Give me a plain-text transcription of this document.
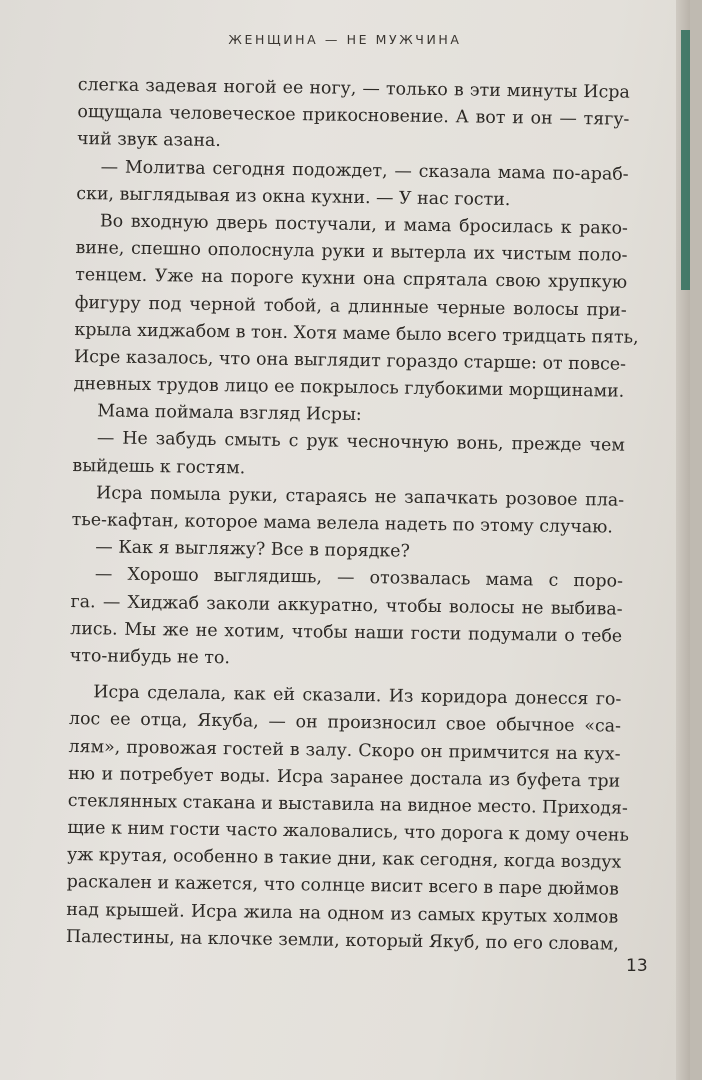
ЖЕНЩИНА — НЕ МУЖЧИНА
слегка задевая ногой ее ногу, — только в эти минуты Исра
ощущала человеческое прикосновение. А вот и он — тягу-
чий звук азана.
— Молитва сегодня подождет, — сказала мама по-араб-
ски, выглядывая из окна кухни. — У нас гости.
Во входную дверь постучали, и мама бросилась к рако-
вине, спешно ополоснула руки и вытерла их чистым поло-
тенцем. Уже на пороге кухни она спрятала свою хрупкую
фигуру под черной тобой, а длинные черные волосы при-
крыла хиджабом в тон. Хотя маме было всего тридцать пять,
Исре казалось, что она выглядит гораздо старше: от повсе-
дневных трудов лицо ее покрылось глубокими морщинами.
Мама поймала взгляд Исры:
— Не забудь смыть с рук чесночную вонь, прежде чем
выйдешь к гостям.
Исра помыла руки, стараясь не запачкать розовое пла-
тье-кафтан, которое мама велела надеть по этому случаю.
— Как я выгляжу? Все в порядке?
— Хорошо выглядишь, — отозвалась мама с поро-
га. — Хиджаб заколи аккуратно, чтобы волосы не выбива-
лись. Мы же не хотим, чтобы наши гости подумали о тебе
что-нибудь не то.
Исра сделала, как ей сказали. Из коридора донесся го-
лос ее отца, Якуба, — он произносил свое обычное «са-
лям», провожая гостей в залу. Скоро он примчится на кух-
ню и потребует воды. Исра заранее достала из буфета три
стеклянных стакана и выставила на видное место. Приходя-
щие к ним гости часто жаловались, что дорога к дому очень
уж крутая, особенно в такие дни, как сегодня, когда воздух
раскален и кажется, что солнце висит всего в паре дюймов
над крышей. Исра жила на одном из самых крутых холмов
Палестины, на клочке земли, который Якуб, по его словам,
13
